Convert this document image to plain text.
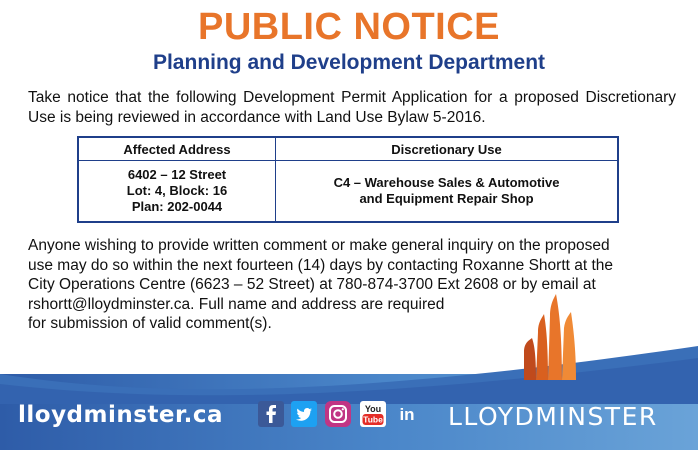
PUBLIC NOTICE
Planning and Development Department
Take notice that the following Development Permit Application for a proposed Discretionary Use is being reviewed in accordance with Land Use Bylaw 5-2016.
Affected Address	Discretionary Use

6402 – 12 Street
Lot: 4, Block: 16
Plan: 202-0044	C4 – Warehouse Sales & Automotive
and Equipment Repair Shop
Anyone wishing to provide written comment or make general inquiry on the proposed
use may do so within the next fourteen (14) days by contacting Roxanne Shortt at the
City Operations Centre (6623 – 52 Street) at 780-874-3700 Ext 2608 or by email at
rshortt@lloydminster.ca. Full name and address are required
for submission of valid comment(s).
lloydminster.ca	You
Tube in LLOYDMINSTER
